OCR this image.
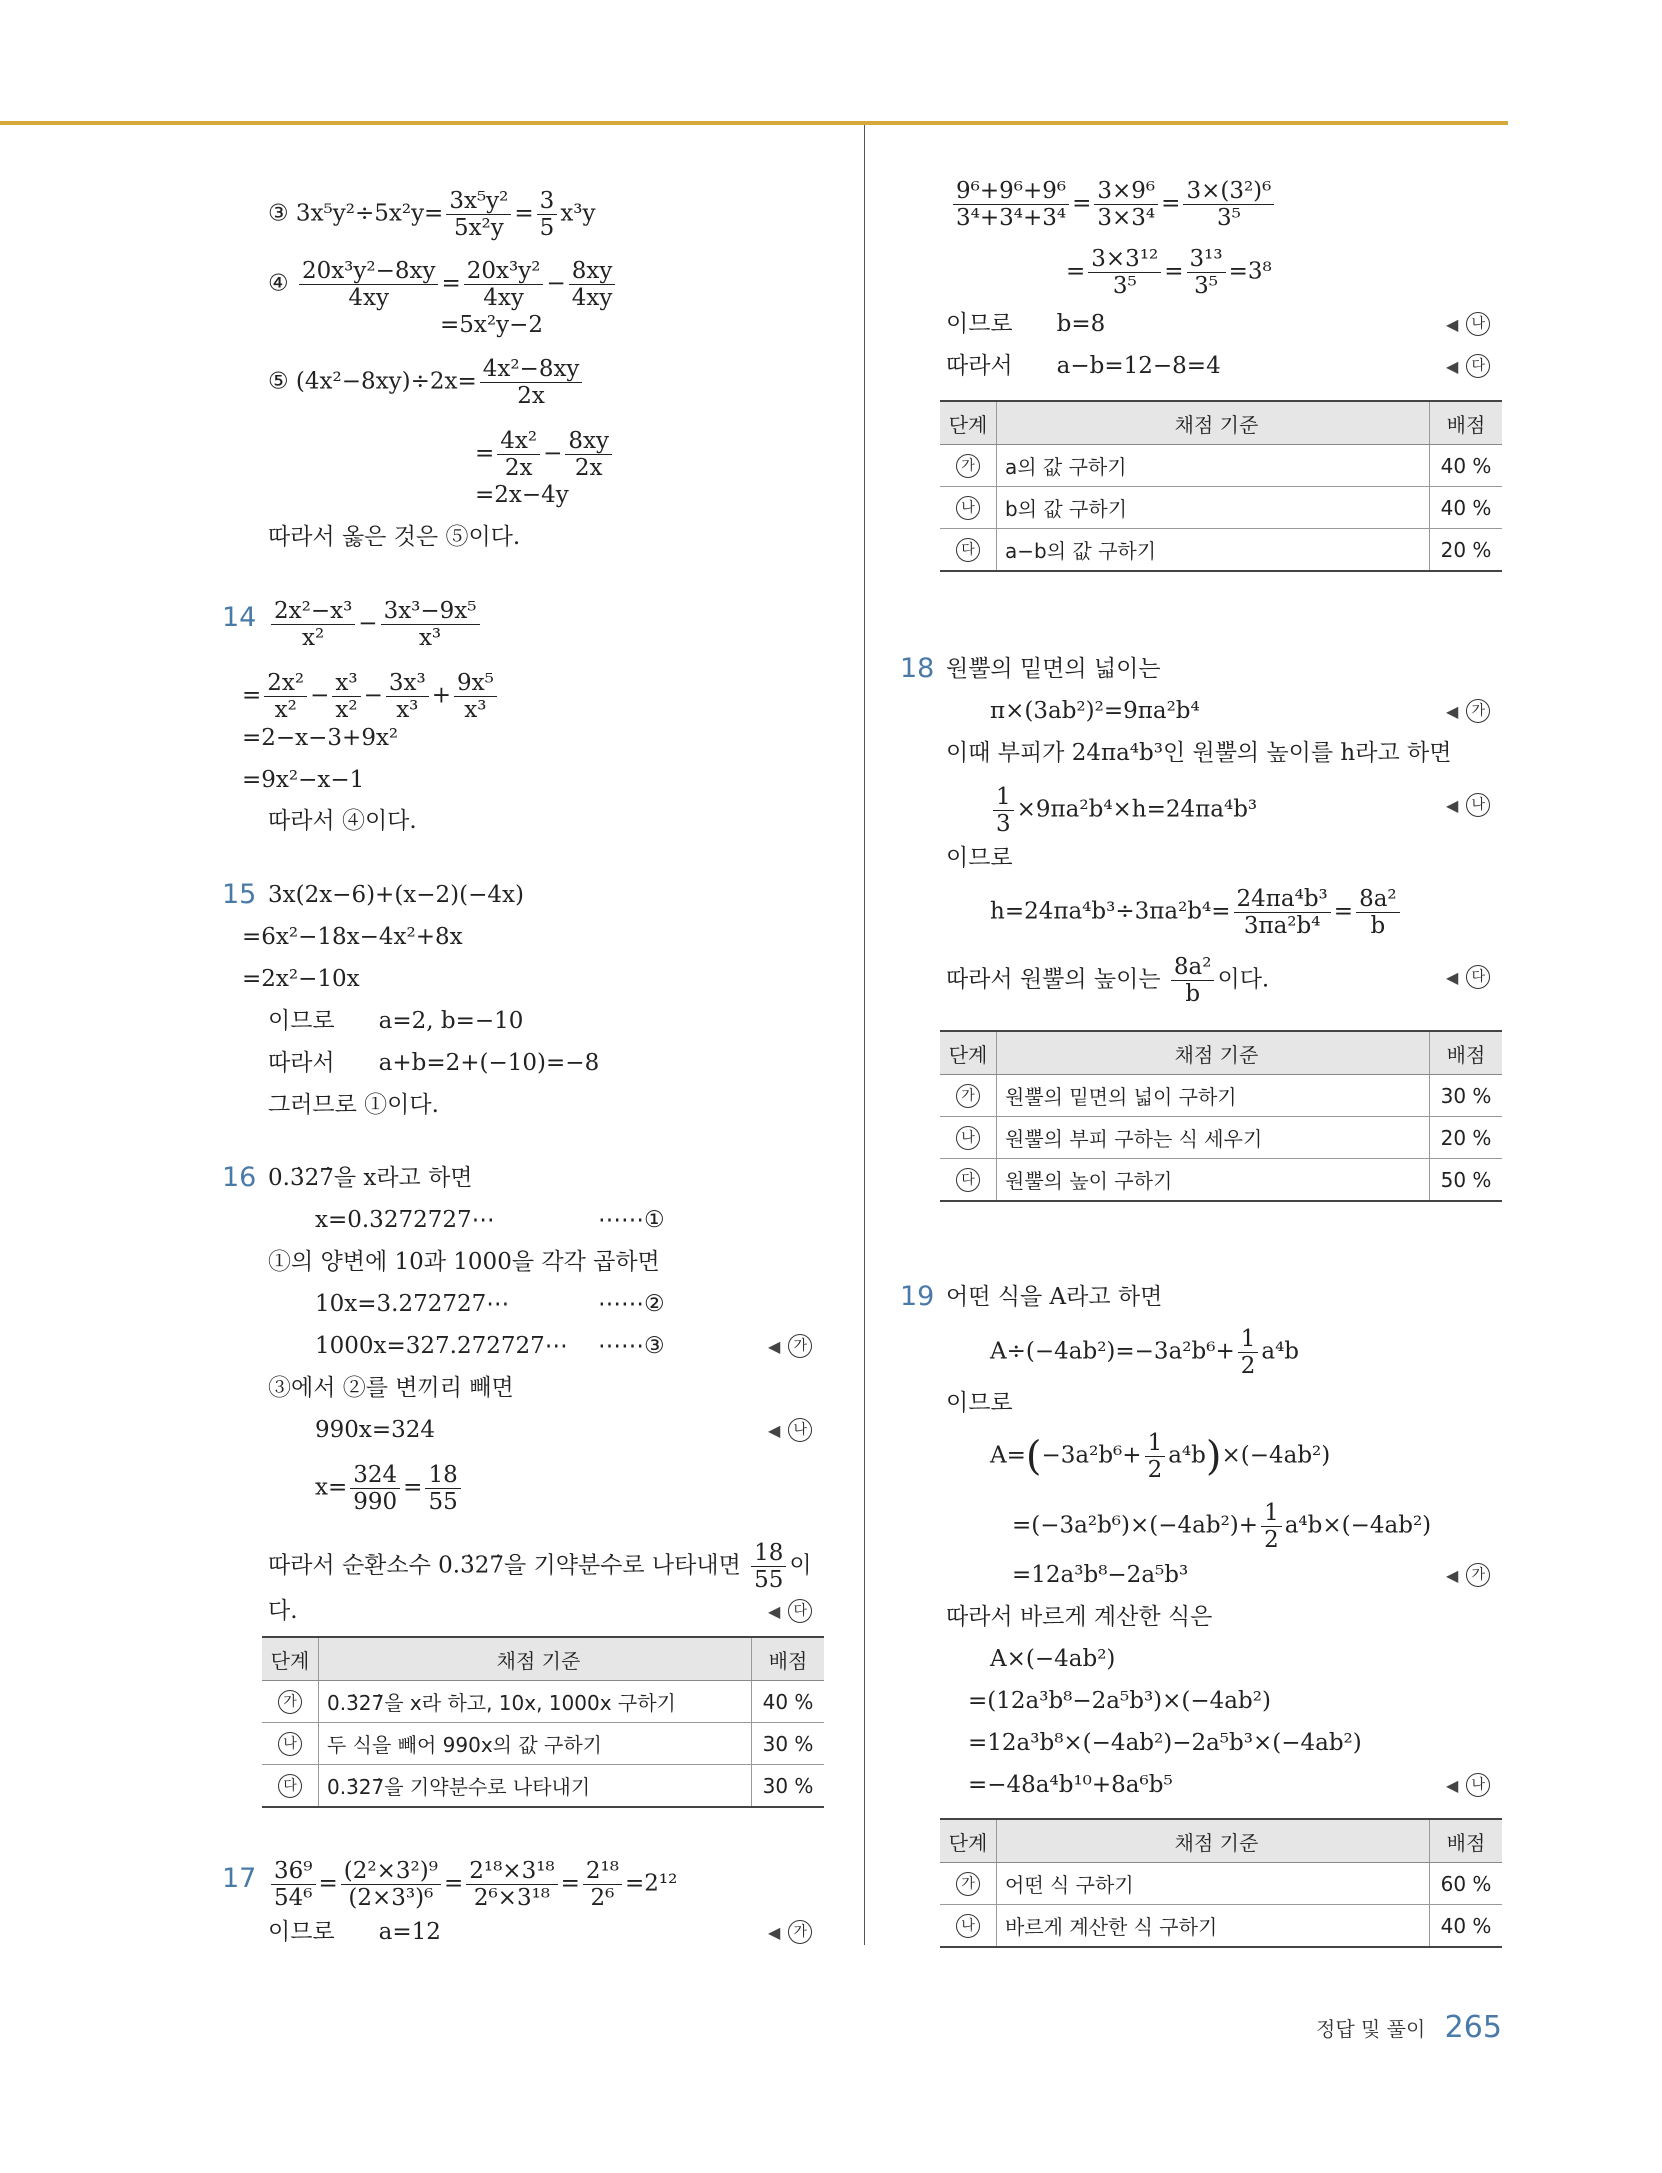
③ $3x^5y^2\div 5x^2y= \frac{\text{3x⁵y²}}{\text{5x²y}} = \frac{3}{5} x^3y$
④ $\frac{\text{20x³y²−8xy}}{4xy} = \frac{\text{20x³y²}}{4xy} - \frac{8xy}{4xy}$
=5x²y−2
⑤ $(4x^2-8xy)\div 2x= \frac{\text{4x²−8xy}}{2x}$
= $\frac{\text{4x²}}{2x} - \frac{8xy}{2x}$
=2x−4y
따라서 옳은 것은 ⑤이다.
$14 \frac{\text{2x²−x³}}{\text{x²}} - \frac{\text{3x³−9x⁵}}{\text{x³}}$
= $\frac{\text{2x²}}{\text{x²}} - \frac{\text{x³}}{\text{x²}} - \frac{\text{3x³}}{\text{x³}} + \frac{\text{9x⁵}}{\text{x³}}$
=2−x−3+9x²
=9x²−x−1
따라서 ④이다.
15 3x(2x−6)+(x−2)(−4x)
=6x²−18x−4x²+8x
=2x²−10x
이므로 a=2, b=−10
따라서 a+b=2+(−10)=−8
그러므로 ①이다.
16 0.3̇27̇을 x라고 하면
x=0.3272727⋯	⋯⋯①
①의 양변에 10과 1000을 각각 곱하면
10x=3.272727⋯	⋯⋯②
1000x=327.272727⋯ ⋯⋯③	◀ 가
③에서 ②를 변끼리 빼면
990x=324	◀ 나
$x= \frac{324}{990} = \frac{18}{55}$
따라서 순환소수 0.3̇27̇을 기약분수로 나타내면 $\frac{18}{55}$ 이
다.	◀ 다
단계	채점 기준	배점
가	0.3̇27̇을 x라 하고, 10x, 1000x 구하기	40 %
나	두 식을 빼어 990x의 값 구하기	30 %
다	0.3̇27̇을 기약분수로 나타내기	30 %
$17 \frac{\text{36⁹}}{\text{54⁶}} = \frac{\text{(2²×3²)⁹}}{\text{(2×3³)⁶}} = \frac{\text{2¹⁸×3¹⁸}}{\text{2⁶×3¹⁸}} = \frac{\text{2¹⁸}}{\text{2⁶}} =2^{12}$
이므로 a=12	◀ 가
$\frac{\text{9⁶+9⁶+9⁶}}{\text{3⁴+3⁴+3⁴}} = \frac{\text{3×9⁶}}{\text{3×3⁴}} = \frac{\text{3×(3²)⁶}}{\text{3⁵}}$
= $\frac{\text{3×3¹²}}{\text{3⁵}} = \frac{\text{3¹³}}{\text{3⁵}} =3^8$
이므로 b=8	◀ 나
따라서 a−b=12−8=4	◀ 다
단계	채점 기준	배점
가	a의 값 구하기	40 %
나	b의 값 구하기	40 %
다	a−b의 값 구하기	20 %
18 원뿔의 밑면의 넓이는
π×(3ab²)²=9πa²b⁴	◀ 가
이때 부피가 24πa⁴b³인 원뿔의 높이를 h라고 하면
$\frac{1}{3} \times 9\pi a^2b^4\times h=24\pi a^4b^3$	◀ 나
이므로
$h=24\pi a^4b^3\div 3\pi a^2b^4= \frac{\text{24πa⁴b³}}{\text{3πa²b⁴}} = \frac{\text{8a²}}{b}$
따라서 원뿔의 높이는 $\frac{\text{8a²}}{b}$ 이다.	◀ 다
단계	채점 기준	배점
가	원뿔의 밑면의 넓이 구하기	30 %
나	원뿔의 부피 구하는 식 세우기	20 %
다	원뿔의 높이 구하기	50 %
19 어떤 식을 A라고 하면
$A\div(-4ab^2)=-3a^2b^6+ \frac{1}{2} a^4b$
이므로
$A=(-3a^2b^6+ \frac{1}{2} a^4b)\times(-4ab^2)$
$=(-3a^2b^6)\times(-4ab^2)+ \frac{1}{2} a^4b\times(-4ab^2)$
=12a³b⁸−2a⁵b³	◀ 가
따라서 바르게 계산한 식은
A×(−4ab²)
=(12a³b⁸−2a⁵b³)×(−4ab²)
=12a³b⁸×(−4ab²)−2a⁵b³×(−4ab²)
=−48a⁴b¹⁰+8a⁶b⁵	◀ 나
단계	채점 기준	배점
가	어떤 식 구하기	60 %
나	바르게 계산한 식 구하기	40 %
정답 및 풀이 265
